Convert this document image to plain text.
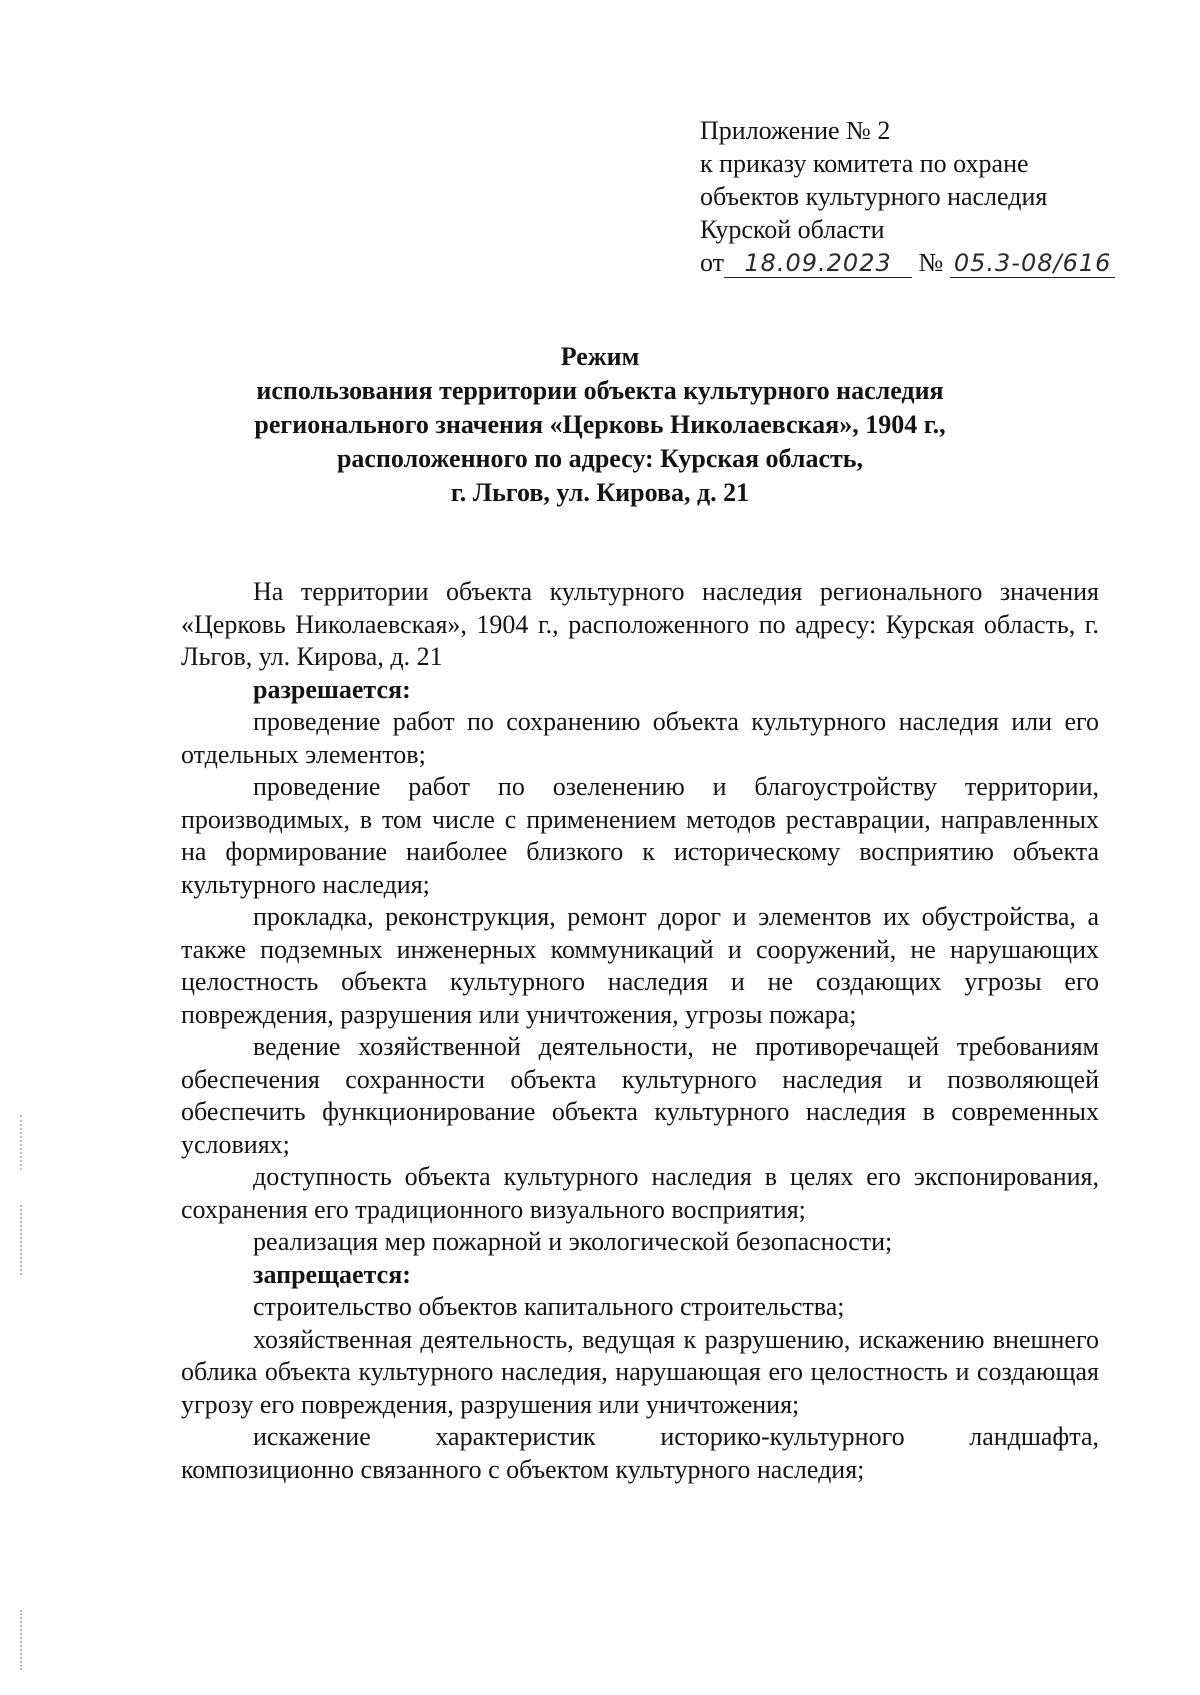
Приложение № 2
к приказу комитета по охране
объектов культурного наследия
Курской области
от 18.09.2023 № 05.3-08/616
Режим
использования территории объекта культурного наследия
регионального значения «Церковь Николаевская», 1904 г.,
расположенного по адресу: Курская область,
г. Льгов, ул. Кирова, д. 21

На территории объекта культурного наследия регионального значения «Церковь Николаевская», 1904 г., расположенного по адресу: Курская область, г. Льгов, ул. Кирова, д. 21

разрешается:

проведение работ по сохранению объекта культурного наследия или его отдельных элементов;

проведение работ по озеленению и благоустройству территории, производимых, в том числе с применением методов реставрации, направленных на формирование наиболее близкого к историческому восприятию объекта культурного наследия;

прокладка, реконструкция, ремонт дорог и элементов их обустройства, а также подземных инженерных коммуникаций и сооружений, не нарушающих целостность объекта культурного наследия и не создающих угрозы его повреждения, разрушения или уничтожения, угрозы пожара;

ведение хозяйственной деятельности, не противоречащей требованиям обеспечения сохранности объекта культурного наследия и позволяющей обеспечить функционирование объекта культурного наследия в современных условиях;

доступность объекта культурного наследия в целях его экспонирования, сохранения его традиционного визуального восприятия;

реализация мер пожарной и экологической безопасности;

запрещается:

строительство объектов капитального строительства;

хозяйственная деятельность, ведущая к разрушению, искажению внешнего облика объекта культурного наследия, нарушающая его целостность и создающая угрозу его повреждения, разрушения или уничтожения;

искажение характеристик историко-культурного ландшафта, композиционно связанного с объектом культурного наследия;
